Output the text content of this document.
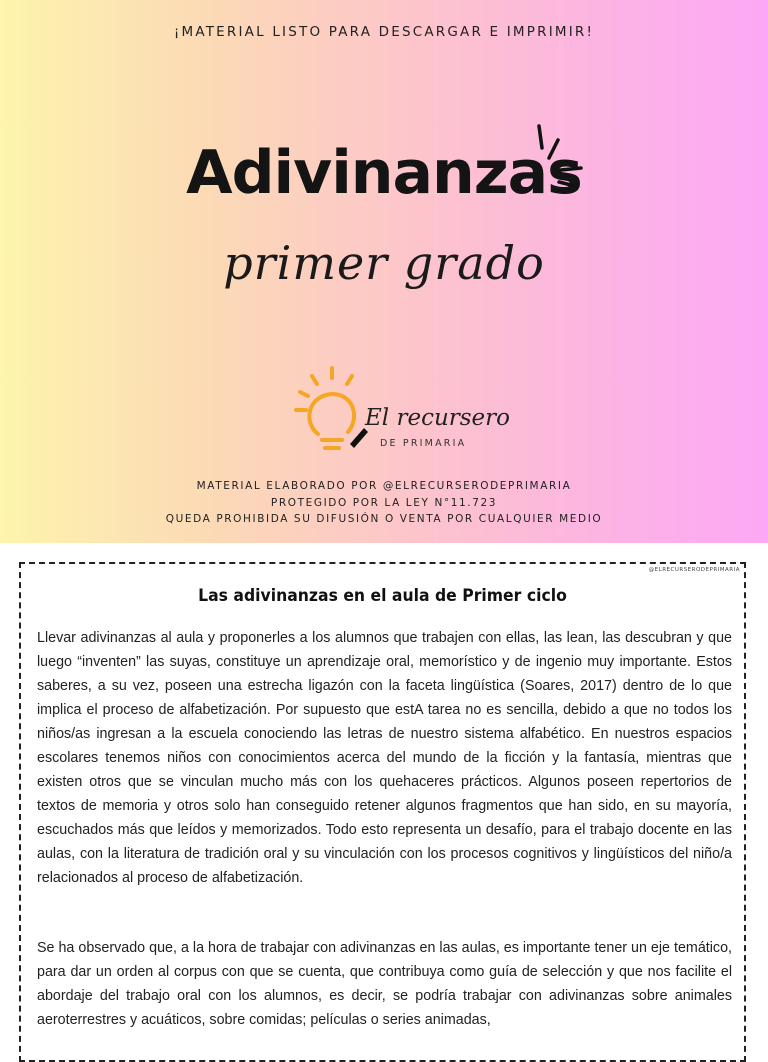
¡MATERIAL LISTO PARA DESCARGAR E IMPRIMIR!
Adivinanzas
primer grado
El recursero
DE PRIMARIA
MATERIAL ELABORADO POR @ELRECURSERODEPRIMARIA
PROTEGIDO POR LA LEY N°11.723
QUEDA PROHIBIDA SU DIFUSIÓN O VENTA POR CUALQUIER MEDIO
@ELRECURSERODEPRIMARIA
Las adivinanzas en el aula de Primer ciclo

Llevar adivinanzas al aula y proponerles a los alumnos que trabajen con ellas, las lean, las descubran y que luego “inventen” las suyas, constituye un aprendizaje oral, memorístico y de ingenio muy importante. Estos saberes, a su vez, poseen una estrecha ligazón con la faceta lingüística (Soares, 2017) dentro de lo que implica el proceso de alfabetización. Por supuesto que estA tarea no es sencilla, debido a que no todos los niños/as ingresan a la escuela conociendo las letras de nuestro sistema alfabético. En nuestros espacios escolares tenemos niños con conocimientos acerca del mundo de la ficción y la fantasía, mientras que existen otros que se vinculan mucho más con los quehaceres prácticos. Algunos poseen repertorios de textos de memoria y otros solo han conseguido retener algunos fragmentos que han sido, en su mayoría, escuchados más que leídos y memorizados. Todo esto representa un desafío, para el trabajo docente en las aulas, con la literatura de tradición oral y su vinculación con los procesos cognitivos y lingüísticos del niño/a relacionados al proceso de alfabetización.

Se ha observado que, a la hora de trabajar con adivinanzas en las aulas, es importante tener un eje temático, para dar un orden al corpus con que se cuenta, que contribuya como guía de selección y que nos facilite el abordaje del trabajo oral con los alumnos, es decir, se podría trabajar con adivinanzas sobre animales aeroterrestres y acuáticos, sobre comidas; películas o series animadas,
